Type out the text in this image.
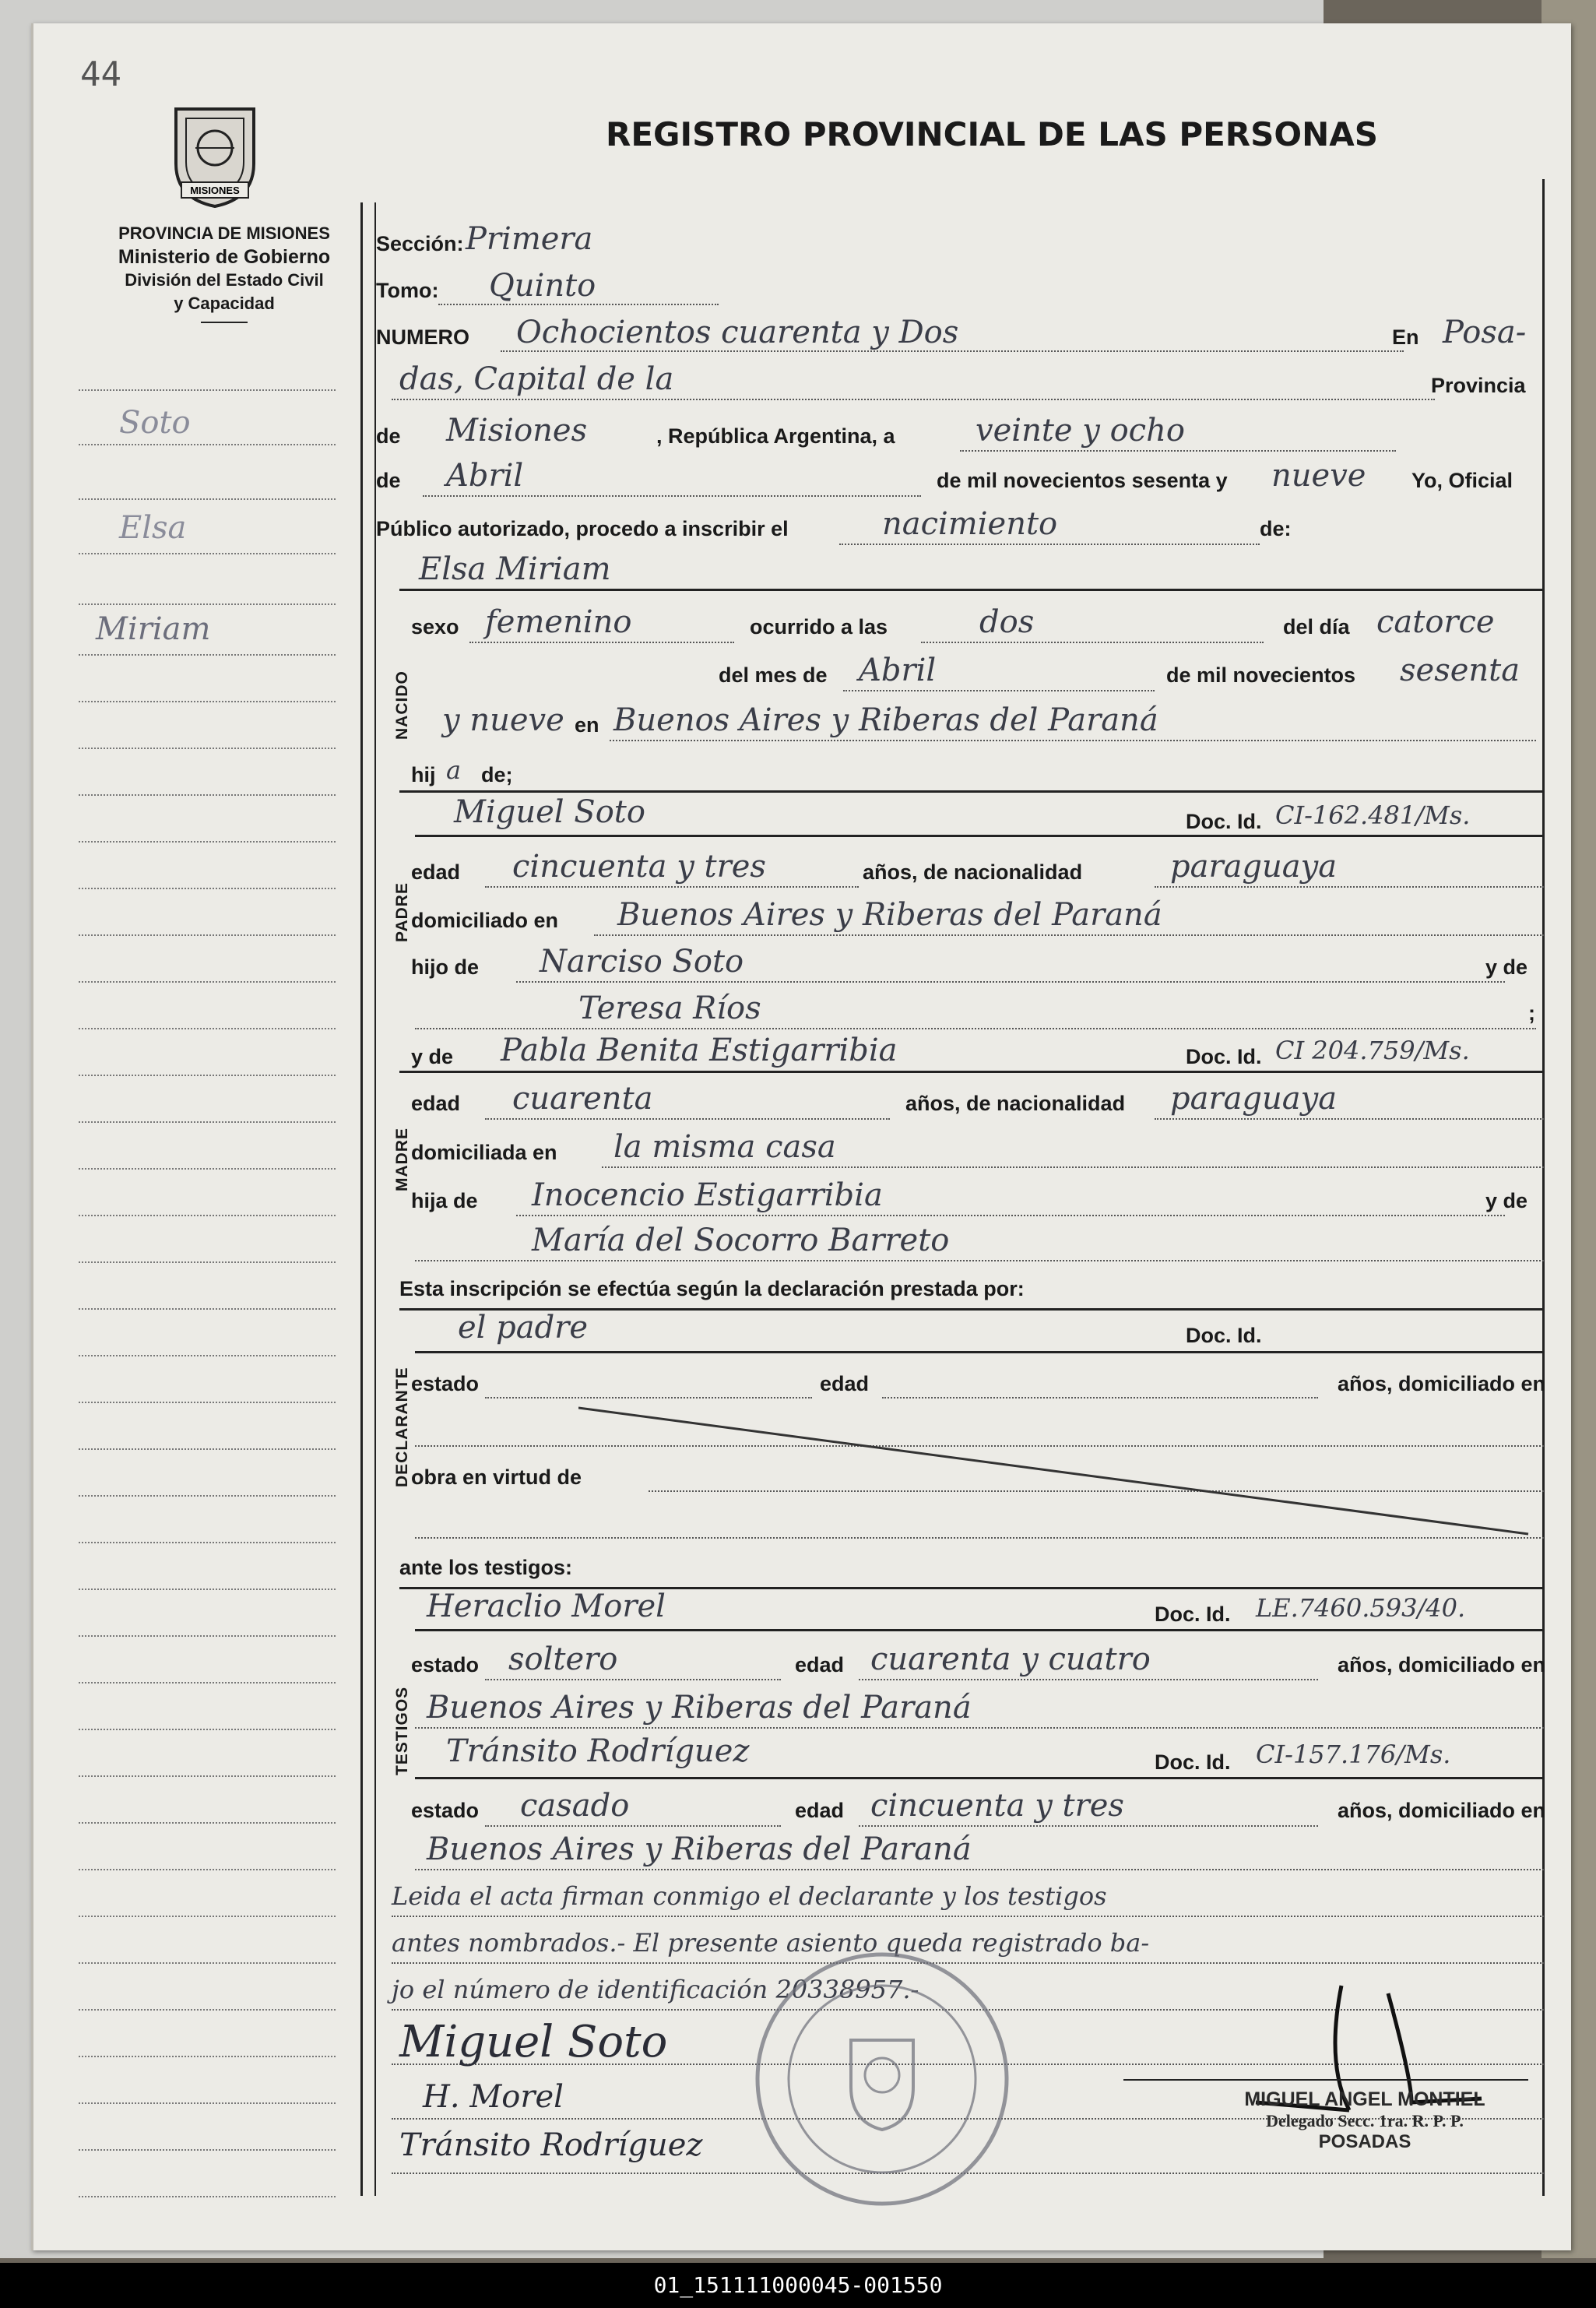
44
MISIONES
REGISTRO PROVINCIAL DE LAS PERSONAS
PROVINCIA DE MISIONES
Ministerio de Gobierno
División del Estado Civil
y Capacidad
Soto
Elsa
Miriam
Sección: Primera
Tomo: Quinto
NUMERO Ochocientos cuarenta y Dos	En Posa-
das, Capital de la	Provincia
de Misiones	, República Argentina, a	veinte y ocho
de Abril	de mil novecientos sesenta y nueve Yo, Oficial
Público autorizado, procedo a inscribir el	nacimiento	de:
Elsa Miriam
NACIDO
sexo femenino	ocurrido a las	dos	del día catorce
del mes de Abril	de mil novecientos sesenta
y nueve en Buenos Aires y Riberas del Paraná
hij a de;
PADRE
Miguel Soto	Doc. Id. CI-162.481/Ms.
edad cincuenta y tres	años, de nacionalidad	paraguaya
domiciliado en Buenos Aires y Riberas del Paraná
hijo de Narciso Soto	y de
Teresa Ríos	;
y de Pabla Benita Estigarribia	Doc. Id. CI 204.759/Ms.
MADRE
edad cuarenta	años, de nacionalidad paraguaya
domiciliada en la misma casa
hija de Inocencio Estigarribia	y de
María del Socorro Barreto
Esta inscripción se efectúa según la declaración prestada por:
DECLARANTE
el padre	Doc. Id.
estado	edad	años, domiciliado en
obra en virtud de
ante los testigos:
TESTIGOS
Heraclio Morel	Doc. Id. LE.7460.593/40.
estado soltero	edad cuarenta y cuatro	años, domiciliado en
Buenos Aires y Riberas del Paraná
Tránsito Rodríguez	Doc. Id. CI-157.176/Ms.
estado casado	edad cincuenta y tres	años, domiciliado en
Buenos Aires y Riberas del Paraná
Leida el acta firman conmigo el declarante y los testigos
antes nombrados.- El presente asiento queda registrado ba-
jo el número de identificación 20338957.-
Miguel Soto
H. Morel
Tránsito Rodríguez
MIGUEL ANGEL MONTIEL
Delegado Secc. 1ra. R. P. P.
POSADAS
01_151111000045-001550
